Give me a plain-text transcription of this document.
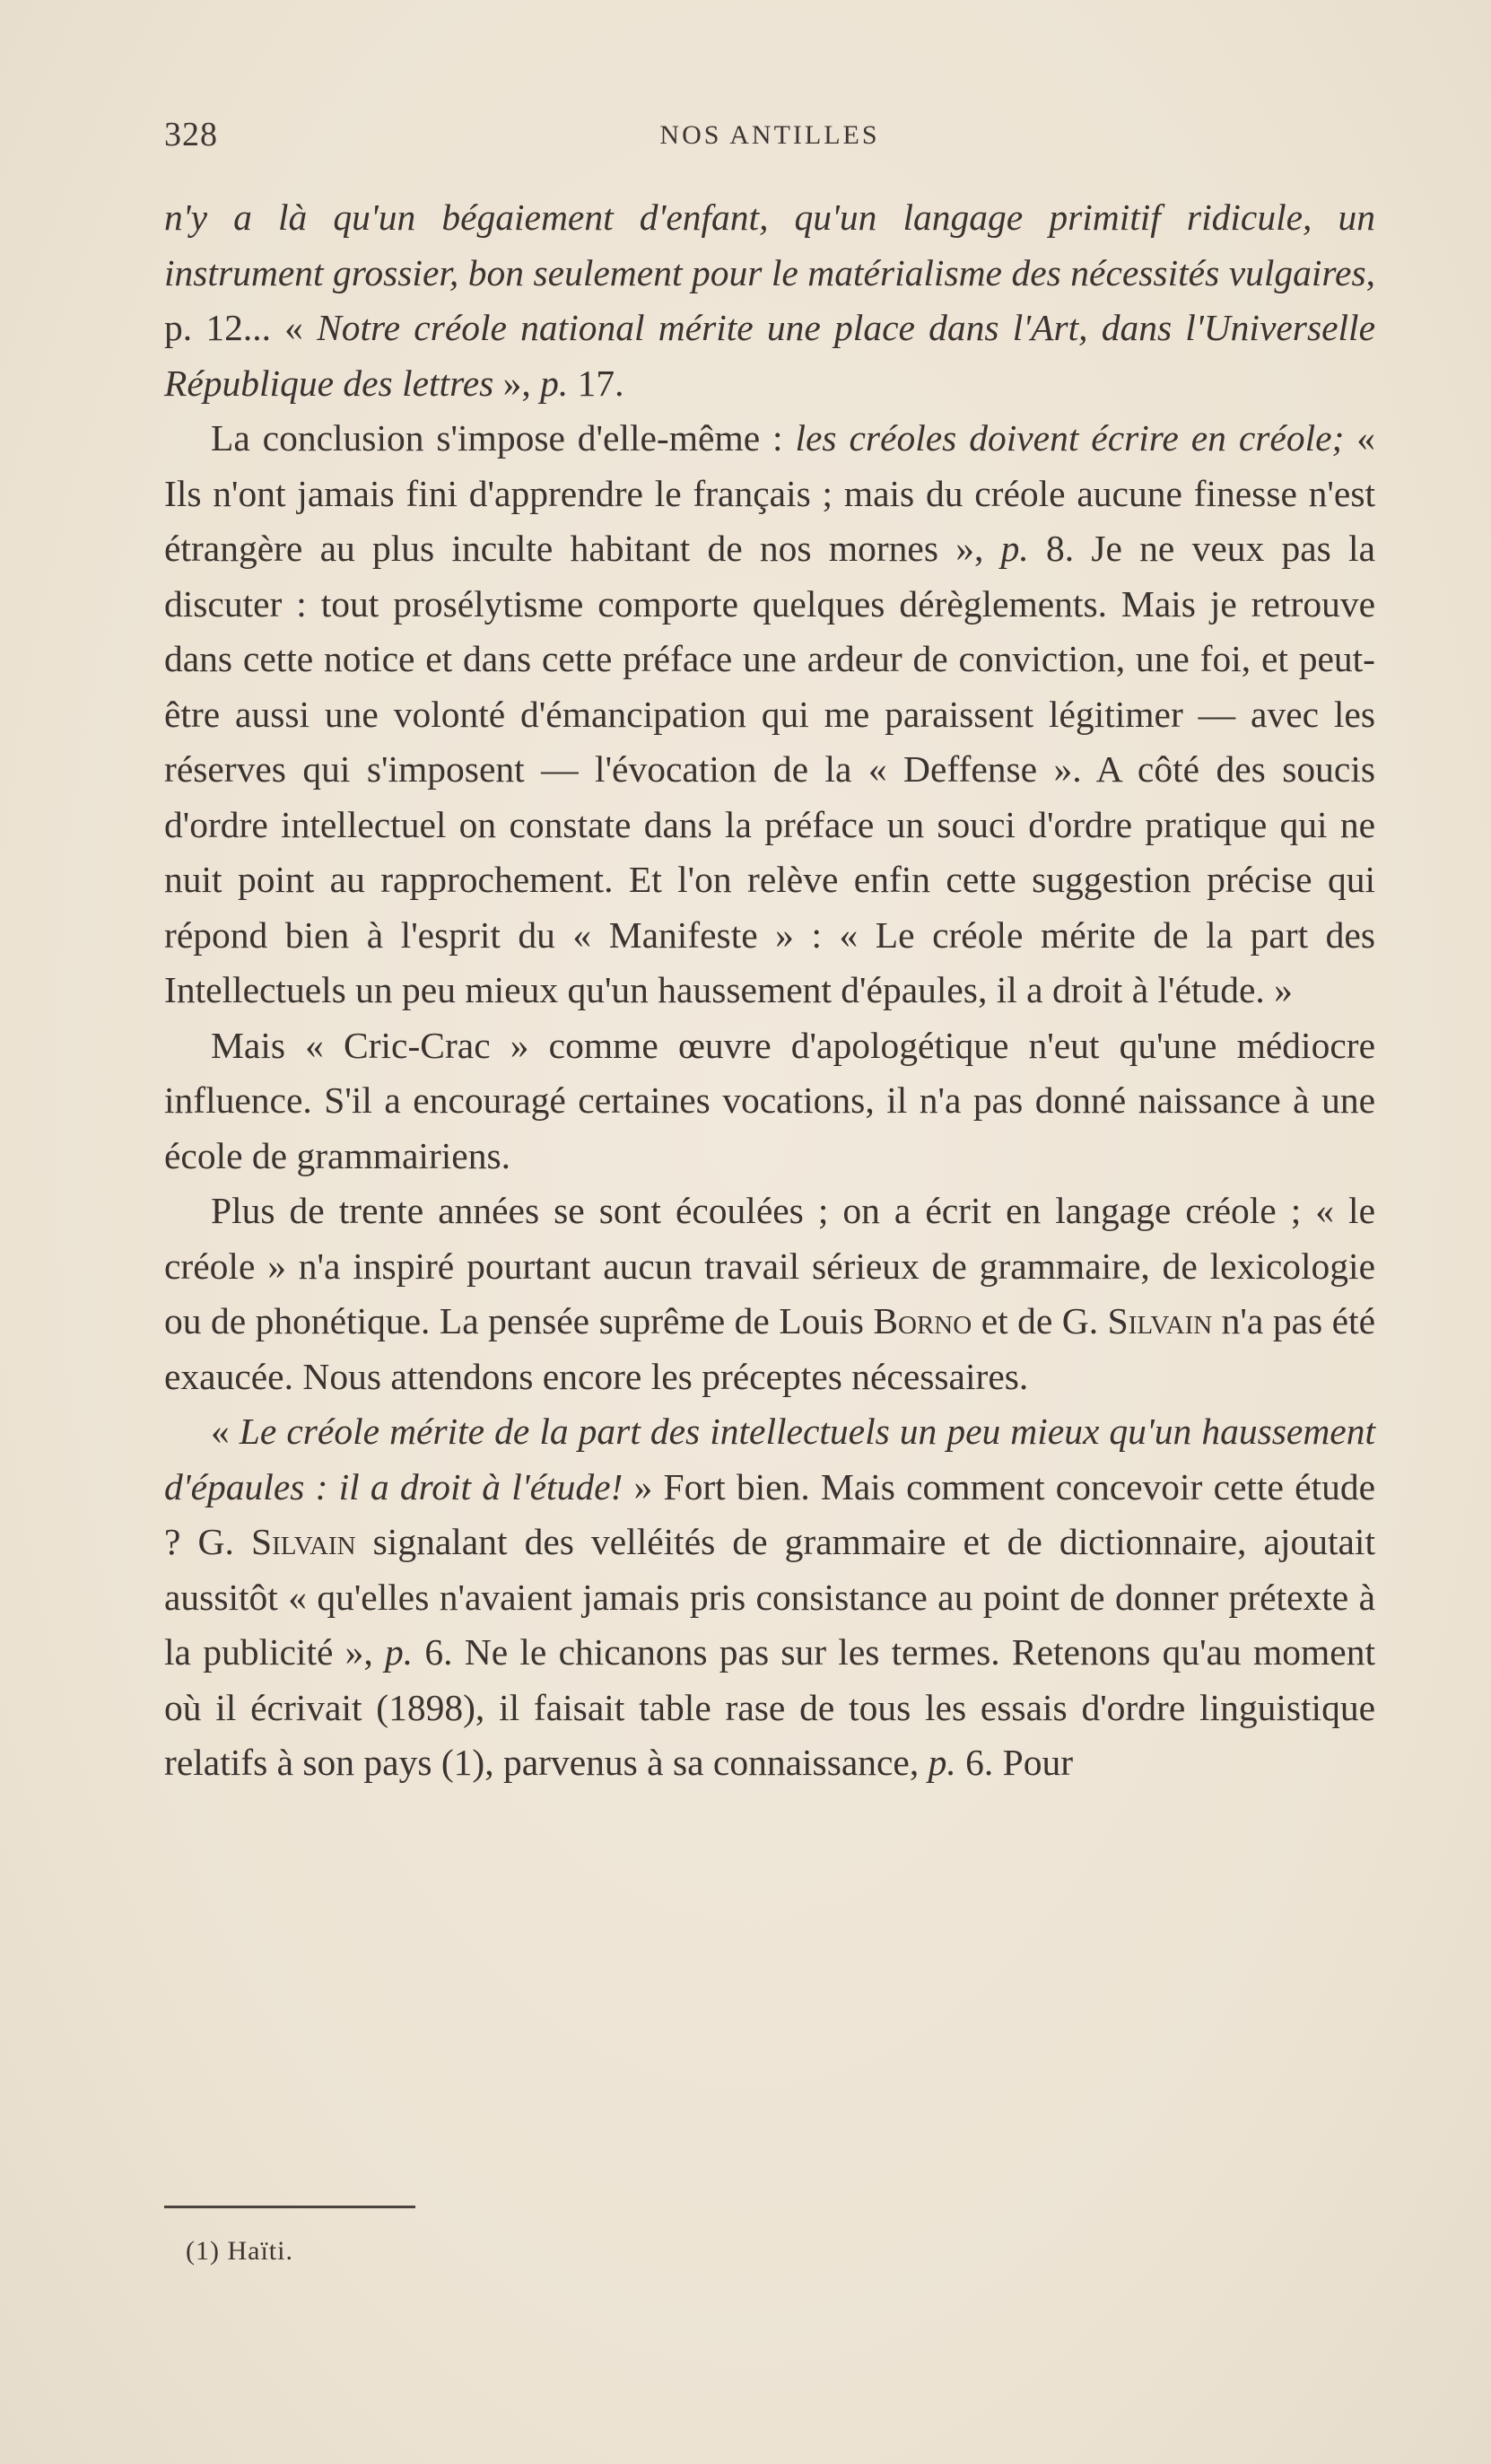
328	NOS ANTILLES

n'y a là qu'un bégaiement d'enfant, qu'un langage primitif ridicule, un instrument grossier, bon seulement pour le matérialisme des nécessités vulgaires, p. 12... « Notre créole national mérite une place dans l'Art, dans l'Universelle République des lettres », p. 17.

La conclusion s'impose d'elle-même : les créoles doivent écrire en créole; « Ils n'ont jamais fini d'apprendre le français ; mais du créole aucune finesse n'est étrangère au plus inculte habitant de nos mornes », p. 8. Je ne veux pas la discuter : tout prosélytisme comporte quelques dérèglements. Mais je retrouve dans cette notice et dans cette préface une ardeur de conviction, une foi, et peut-être aussi une volonté d'émancipation qui me paraissent légitimer — avec les réserves qui s'imposent — l'évocation de la « Deffense ». A côté des soucis d'ordre intellectuel on constate dans la préface un souci d'ordre pratique qui ne nuit point au rapprochement. Et l'on relève enfin cette suggestion précise qui répond bien à l'esprit du « Manifeste » : « Le créole mérite de la part des Intellectuels un peu mieux qu'un haussement d'épaules, il a droit à l'étude. »

Mais « Cric-Crac » comme œuvre d'apologétique n'eut qu'une médiocre influence. S'il a encouragé certaines vocations, il n'a pas donné naissance à une école de grammairiens.

Plus de trente années se sont écoulées ; on a écrit en langage créole ; « le créole » n'a inspiré pourtant aucun travail sérieux de grammaire, de lexicologie ou de phonétique. La pensée suprême de Louis Borno et de G. Silvain n'a pas été exaucée. Nous attendons encore les préceptes nécessaires.

« Le créole mérite de la part des intellectuels un peu mieux qu'un haussement d'épaules : il a droit à l'étude! » Fort bien. Mais comment concevoir cette étude ? G. Silvain signalant des velléités de grammaire et de dictionnaire, ajoutait aussitôt « qu'elles n'avaient jamais pris consistance au point de donner prétexte à la publicité », p. 6. Ne le chicanons pas sur les termes. Retenons qu'au moment où il écrivait (1898), il faisait table rase de tous les essais d'ordre linguistique relatifs à son pays (1), parvenus à sa connaissance, p. 6. Pour

(1) Haïti.
